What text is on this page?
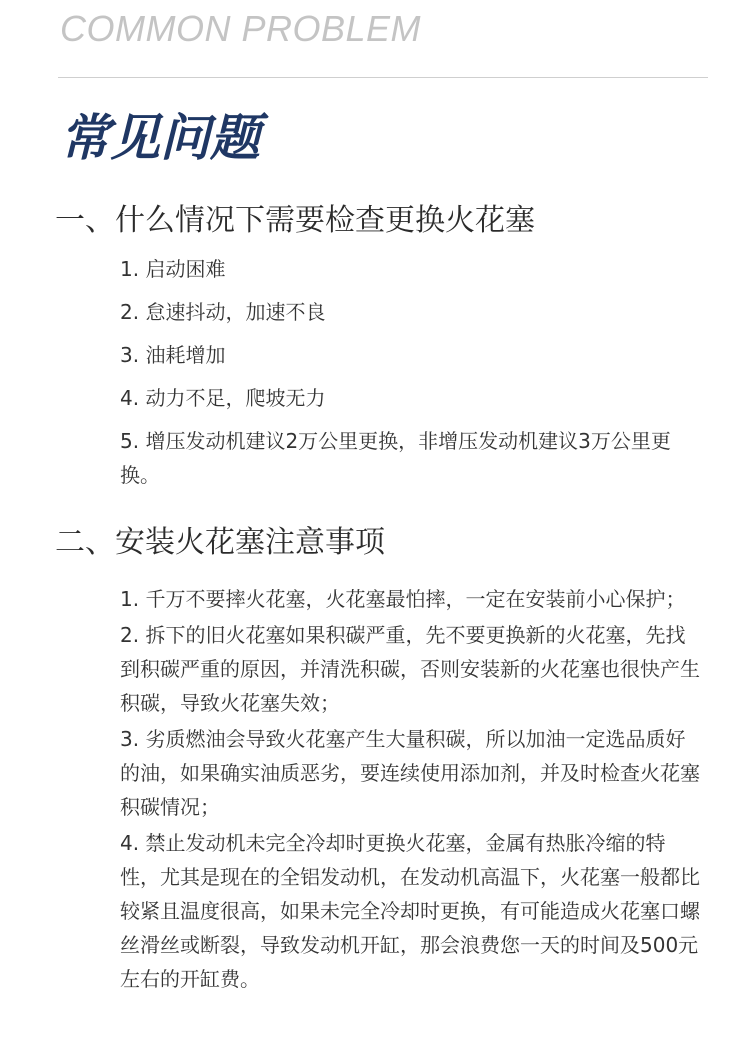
COMMON PROBLEM
常见问题
一、什么情况下需要检查更换火花塞
1. 启动困难
2. 怠速抖动，加速不良
3. 油耗增加
4. 动力不足，爬坡无力
5. 增压发动机建议2万公里更换，非增压发动机建议3万公里更换。
二、安装火花塞注意事项
1. 千万不要摔火花塞，火花塞最怕摔，一定在安装前小心保护；
2. 拆下的旧火花塞如果积碳严重，先不要更换新的火花塞，先找到积碳严重的原因，并清洗积碳，否则安装新的火花塞也很快产生积碳，导致火花塞失效；
3. 劣质燃油会导致火花塞产生大量积碳，所以加油一定选品质好的油，如果确实油质恶劣，要连续使用添加剂，并及时检查火花塞积碳情况；
4. 禁止发动机未完全冷却时更换火花塞，金属有热胀冷缩的特性，尤其是现在的全铝发动机，在发动机高温下，火花塞一般都比较紧且温度很高，如果未完全冷却时更换，有可能造成火花塞口螺丝滑丝或断裂，导致发动机开缸，那会浪费您一天的时间及500元左右的开缸费。
